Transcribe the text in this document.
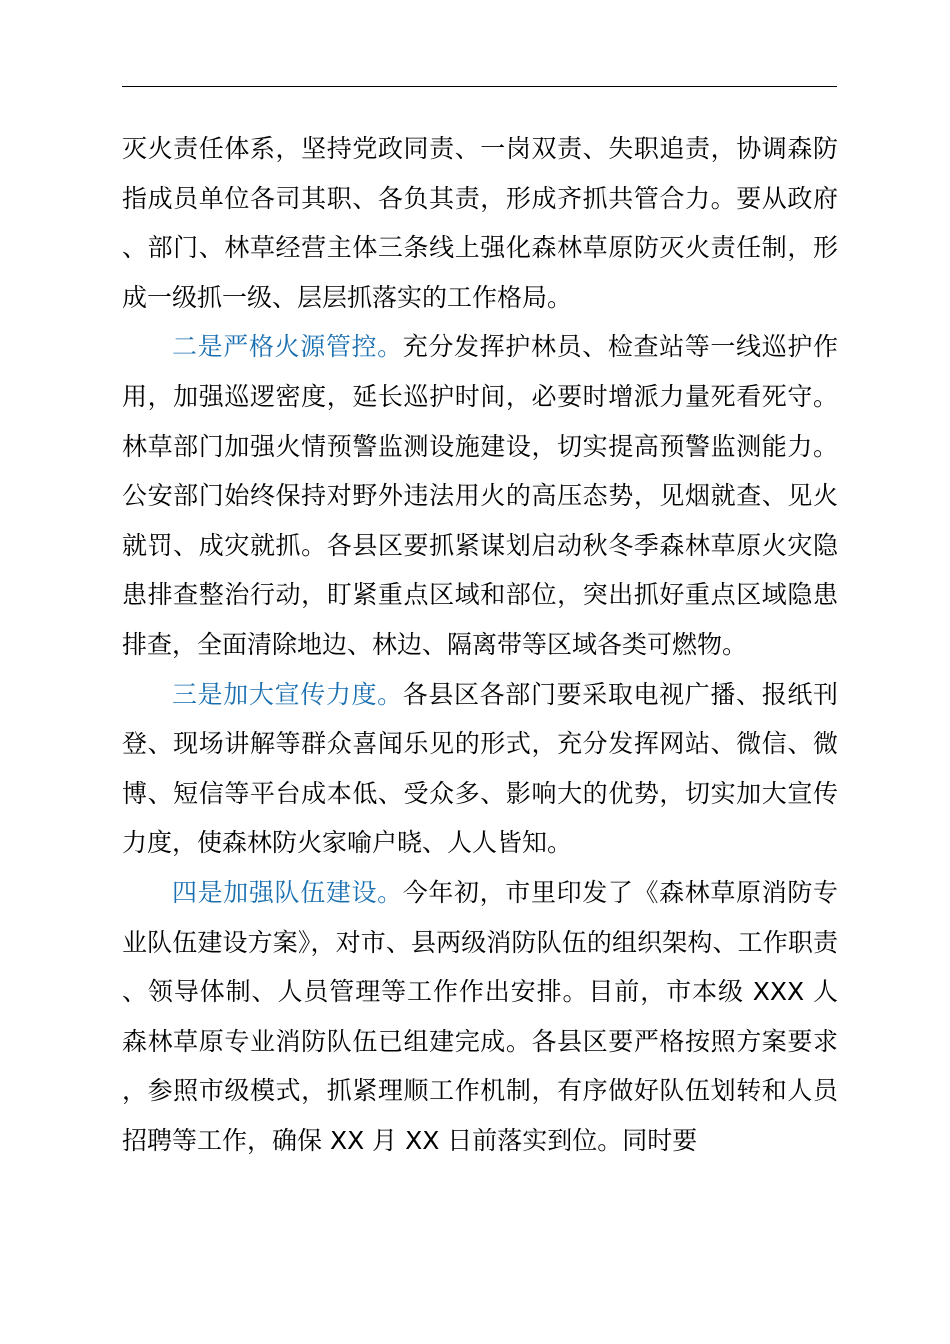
灭火责任体系，坚持党政同责、一岗双责、失职追责，协调森防指成员单位各司其职、各负其责，形成齐抓共管合力。要从政府、部门、林草经营主体三条线上强化森林草原防灭火责任制，形成一级抓一级、层层抓落实的工作格局。

二是严格火源管控。充分发挥护林员、检查站等一线巡护作用，加强巡逻密度，延长巡护时间，必要时增派力量死看死守。林草部门加强火情预警监测设施建设，切实提高预警监测能力。公安部门始终保持对野外违法用火的高压态势，见烟就查、见火就罚、成灾就抓。各县区要抓紧谋划启动秋冬季森林草原火灾隐患排查整治行动，盯紧重点区域和部位，突出抓好重点区域隐患排查，全面清除地边、林边、隔离带等区域各类可燃物。

三是加大宣传力度。各县区各部门要采取电视广播、报纸刊登、现场讲解等群众喜闻乐见的形式，充分发挥网站、微信、微博、短信等平台成本低、受众多、影响大的优势，切实加大宣传力度，使森林防火家喻户晓、人人皆知。

四是加强队伍建设。今年初，市里印发了《森林草原消防专业队伍建设方案》，对市、县两级消防队伍的组织架构、工作职责、领导体制、人员管理等工作作出安排。目前，市本级 XXX 人森林草原专业消防队伍已组建完成。各县区要严格按照方案要求，参照市级模式，抓紧理顺工作机制，有序做好队伍划转和人员招聘等工作，确保 XX 月 XX 日前落实到位。同时要
